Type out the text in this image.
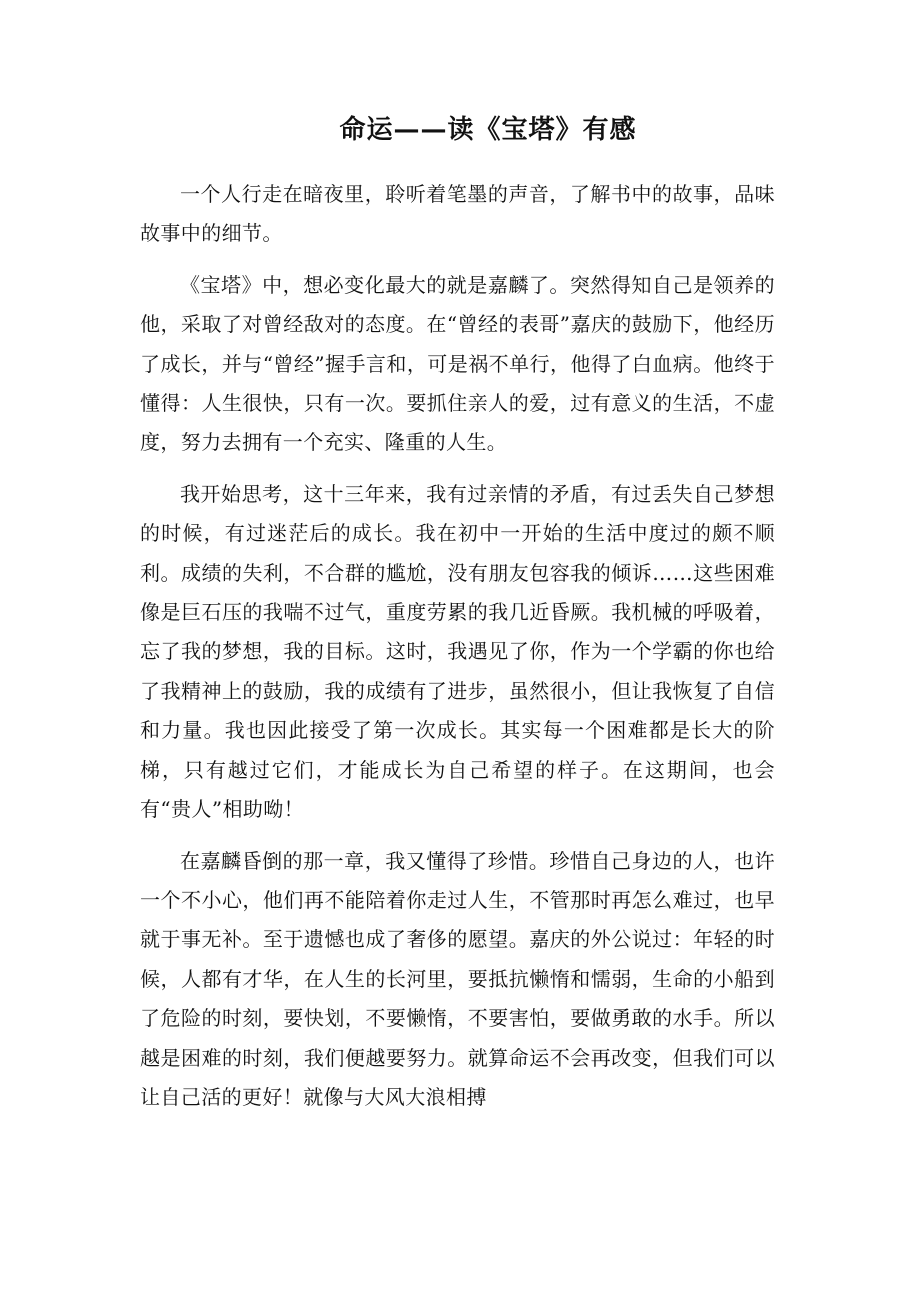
命运——读《宝塔》有感

一个人行走在暗夜里，聆听着笔墨的声音，了解书中的故事，品味故事中的细节。

《宝塔》中，想必变化最大的就是嘉麟了。突然得知自己是领养的他，采取了对曾经敌对的态度。在“曾经的表哥”嘉庆的鼓励下，他经历了成长，并与“曾经”握手言和，可是祸不单行，他得了白血病。他终于懂得：人生很快，只有一次。要抓住亲人的爱，过有意义的生活，不虚度，努力去拥有一个充实、隆重的人生。

我开始思考，这十三年来，我有过亲情的矛盾，有过丢失自己梦想的时候，有过迷茫后的成长。我在初中一开始的生活中度过的颇不顺利。成绩的失利，不合群的尴尬，没有朋友包容我的倾诉……这些困难像是巨石压的我喘不过气，重度劳累的我几近昏厥。我机械的呼吸着，忘了我的梦想，我的目标。这时，我遇见了你，作为一个学霸的你也给了我精神上的鼓励，我的成绩有了进步，虽然很小，但让我恢复了自信和力量。我也因此接受了第一次成长。其实每一个困难都是长大的阶梯，只有越过它们，才能成长为自己希望的样子。在这期间，也会有“贵人”相助呦！

在嘉麟昏倒的那一章，我又懂得了珍惜。珍惜自己身边的人，也许一个不小心，他们再不能陪着你走过人生，不管那时再怎么难过，也早就于事无补。至于遗憾也成了奢侈的愿望。嘉庆的外公说过：年轻的时候，人都有才华，在人生的长河里，要抵抗懒惰和懦弱，生命的小船到了危险的时刻，要快划，不要懒惰，不要害怕，要做勇敢的水手。所以越是困难的时刻，我们便越要努力。就算命运不会再改变，但我们可以让自己活的更好！就像与大风大浪相搏
